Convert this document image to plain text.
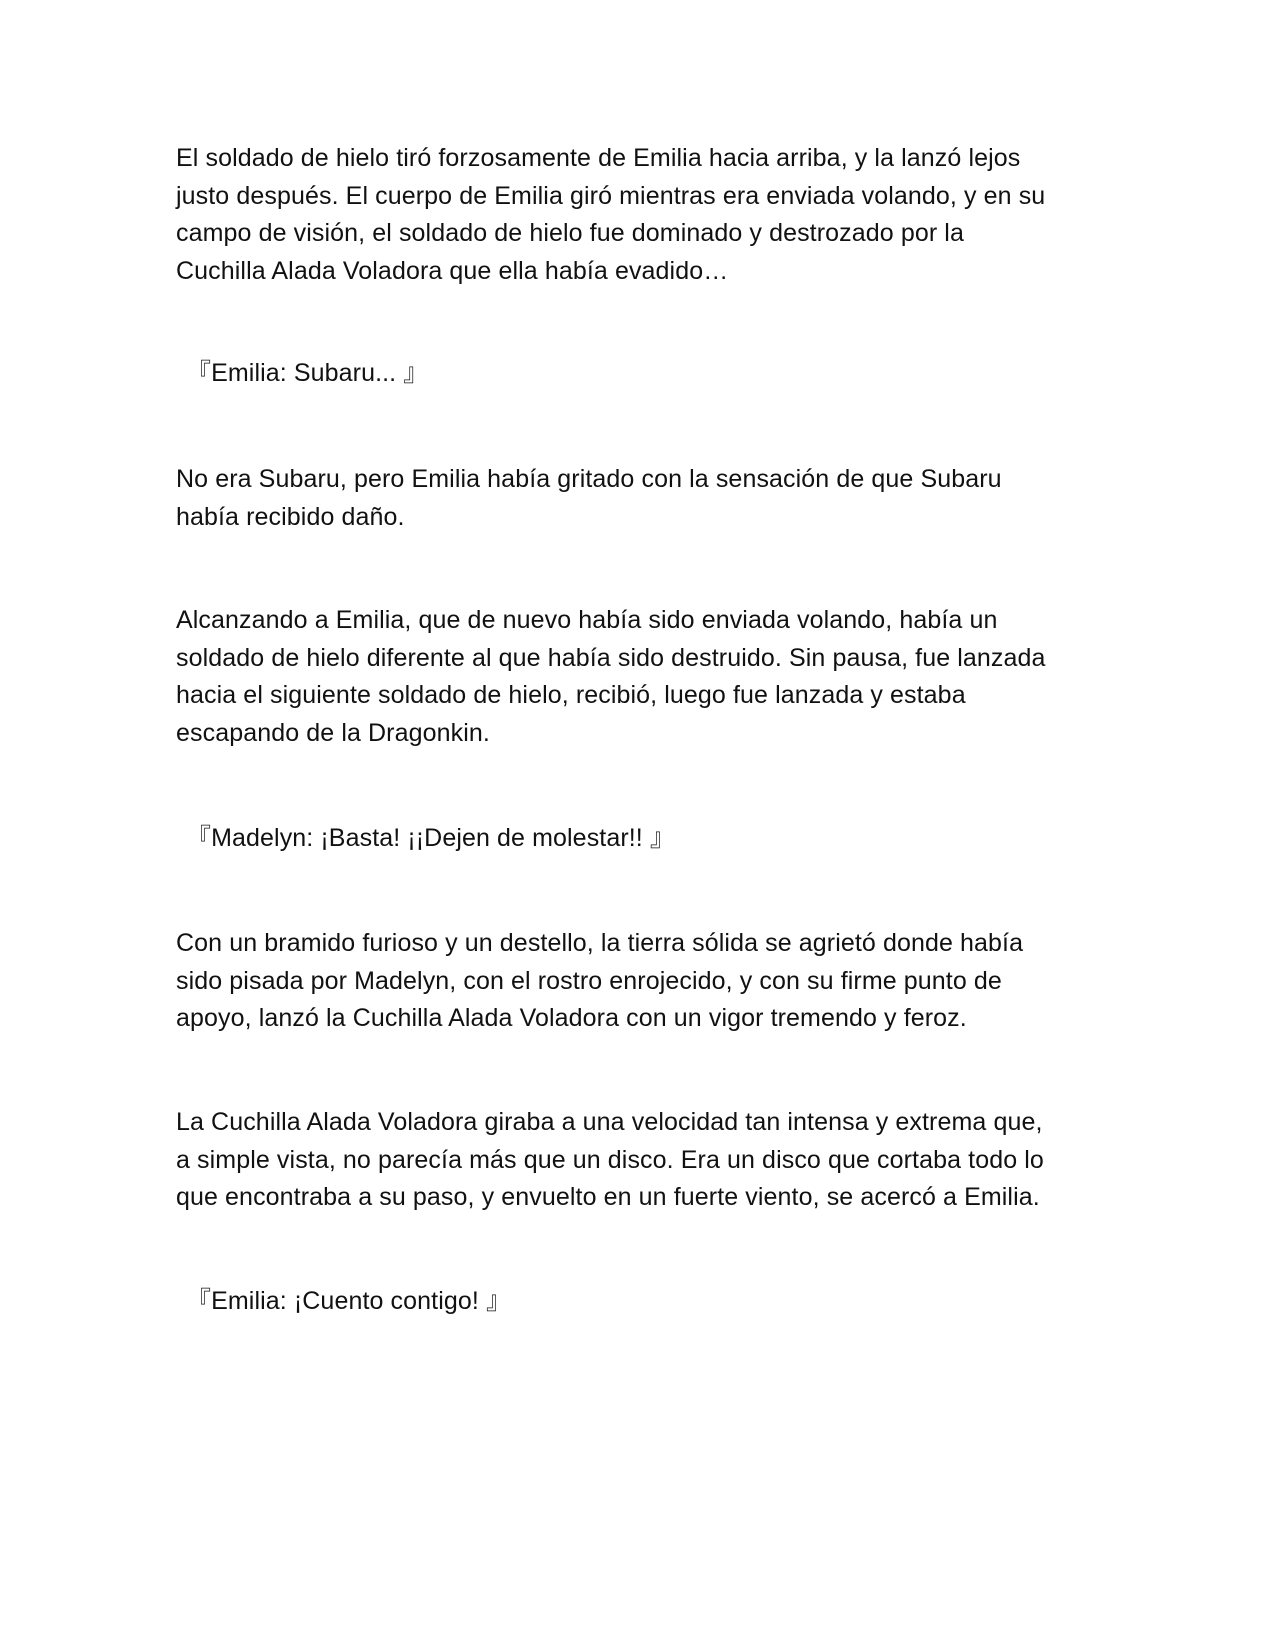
El soldado de hielo tiró forzosamente de Emilia hacia arriba, y la lanzó lejos
justo después. El cuerpo de Emilia giró mientras era enviada volando, y en su
campo de visión, el soldado de hielo fue dominado y destrozado por la
Cuchilla Alada Voladora que ella había evadido…

『Emilia: Subaru... 』

No era Subaru, pero Emilia había gritado con la sensación de que Subaru
había recibido daño.

Alcanzando a Emilia, que de nuevo había sido enviada volando, había un
soldado de hielo diferente al que había sido destruido. Sin pausa, fue lanzada
hacia el siguiente soldado de hielo, recibió, luego fue lanzada y estaba
escapando de la Dragonkin.

『Madelyn: ¡Basta! ¡¡Dejen de molestar!! 』

Con un bramido furioso y un destello, la tierra sólida se agrietó donde había
sido pisada por Madelyn, con el rostro enrojecido, y con su firme punto de
apoyo, lanzó la Cuchilla Alada Voladora con un vigor tremendo y feroz.

La Cuchilla Alada Voladora giraba a una velocidad tan intensa y extrema que,
a simple vista, no parecía más que un disco. Era un disco que cortaba todo lo
que encontraba a su paso, y envuelto en un fuerte viento, se acercó a Emilia.

『Emilia: ¡Cuento contigo! 』
